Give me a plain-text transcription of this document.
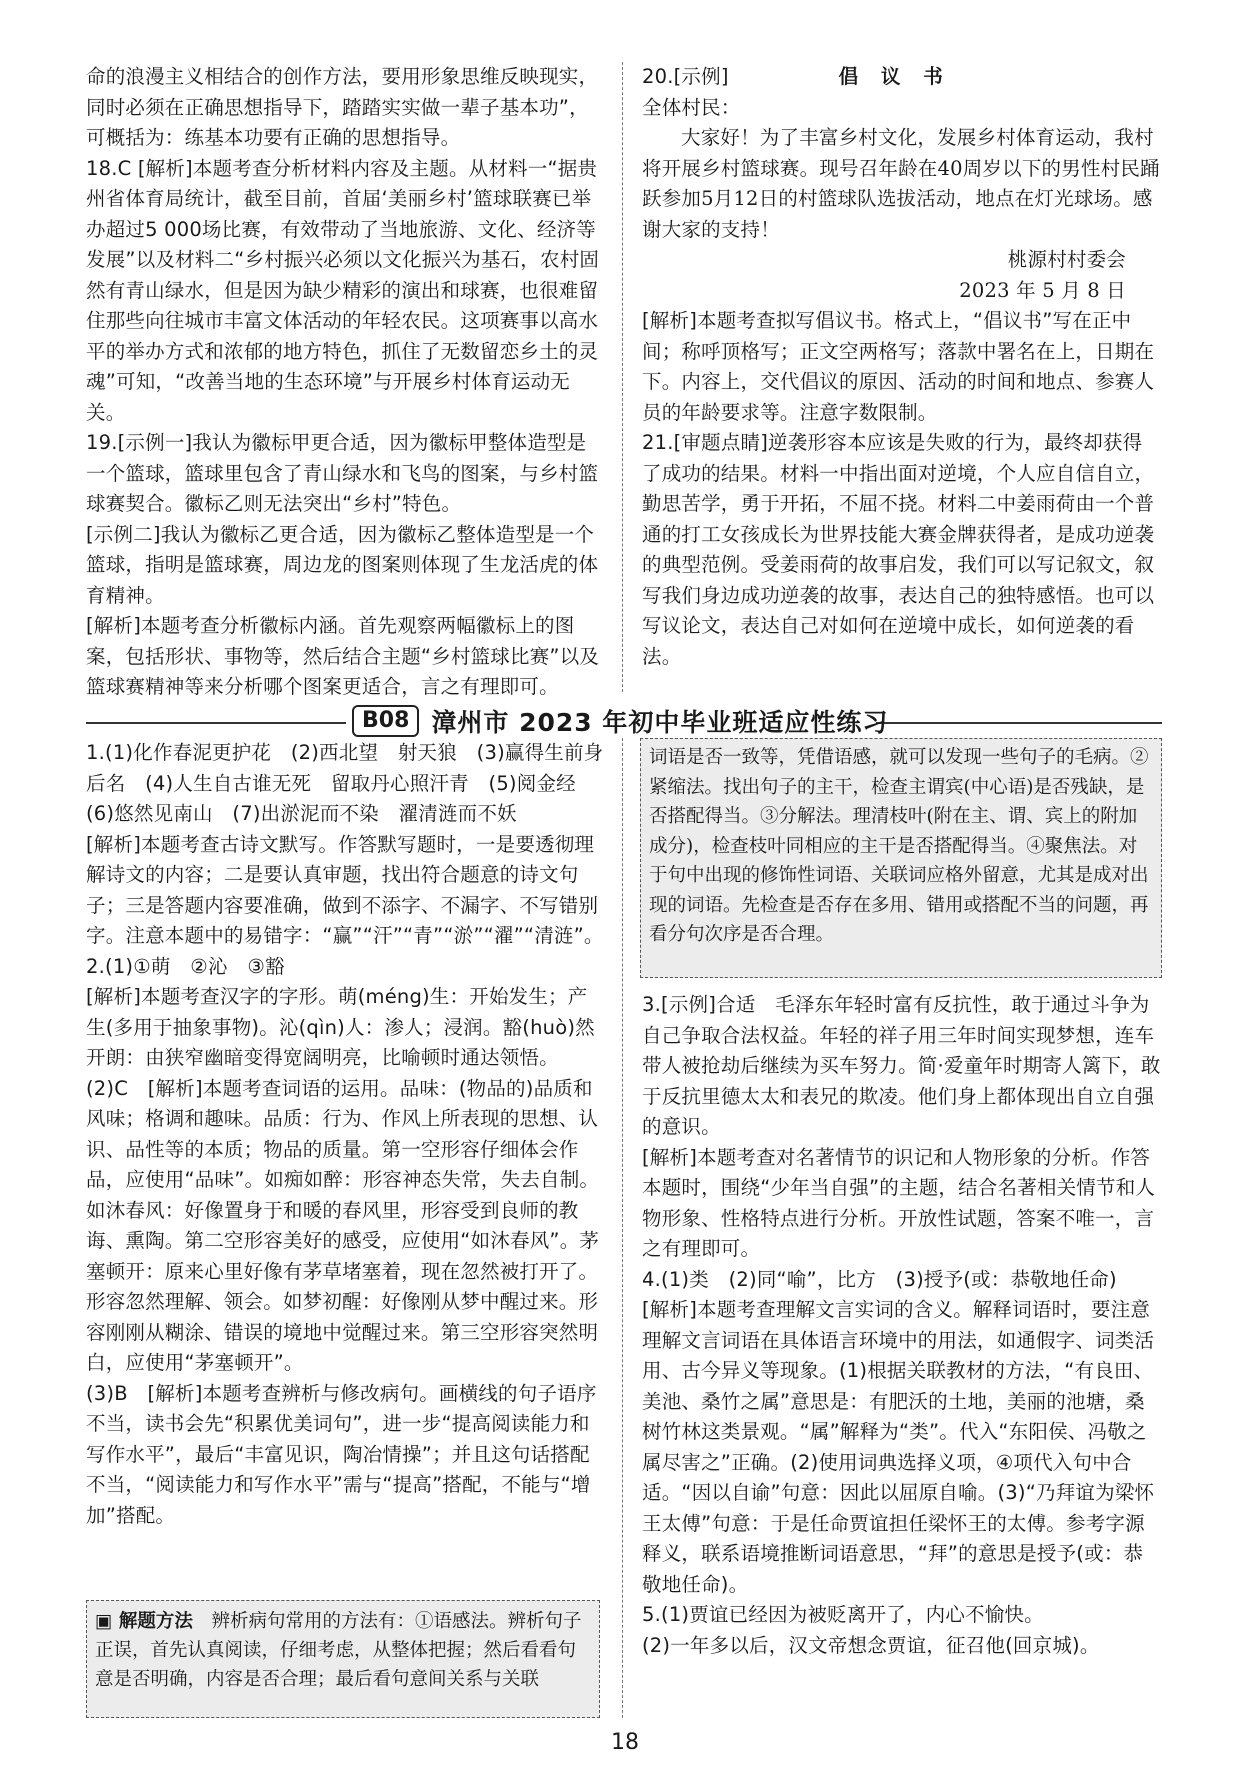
命的浪漫主义相结合的创作方法，要用形象思维反映现实，同时必须在正确思想指导下，踏踏实实做一辈子基本功”，可概括为：练基本功要有正确的思想指导。

18.C [解析]本题考查分析材料内容及主题。从材料一“据贵州省体育局统计，截至目前，首届‘美丽乡村’篮球联赛已举办超过5 000场比赛，有效带动了当地旅游、文化、经济等发展”以及材料二“乡村振兴必须以文化振兴为基石，农村固然有青山绿水，但是因为缺少精彩的演出和球赛，也很难留住那些向往城市丰富文体活动的年轻农民。这项赛事以高水平的举办方式和浓郁的地方特色，抓住了无数留恋乡土的灵魂”可知，“改善当地的生态环境”与开展乡村体育运动无关。

19.[示例一]我认为徽标甲更合适，因为徽标甲整体造型是一个篮球，篮球里包含了青山绿水和飞鸟的图案，与乡村篮球赛契合。徽标乙则无法突出“乡村”特色。

[示例二]我认为徽标乙更合适，因为徽标乙整体造型是一个篮球，指明是篮球赛，周边龙的图案则体现了生龙活虎的体育精神。

[解析]本题考查分析徽标内涵。首先观察两幅徽标上的图案，包括形状、事物等，然后结合主题“乡村篮球比赛”以及篮球赛精神等来分析哪个图案更适合，言之有理即可。

20.[示例]	倡 议 书

全体村民：

大家好！为了丰富乡村文化，发展乡村体育运动，我村将开展乡村篮球赛。现号召年龄在40周岁以下的男性村民踊跃参加5月12日的村篮球队选拔活动，地点在灯光球场。感谢大家的支持！

桃源村村委会

2023 年 5 月 8 日

[解析]本题考查拟写倡议书。格式上，“倡议书”写在正中间；称呼顶格写；正文空两格写；落款中署名在上，日期在下。内容上，交代倡议的原因、活动的时间和地点、参赛人员的年龄要求等。注意字数限制。

21.[审题点睛]逆袭形容本应该是失败的行为，最终却获得了成功的结果。材料一中指出面对逆境，个人应自信自立，勤思苦学，勇于开拓，不屈不挠。材料二中姜雨荷由一个普通的打工女孩成长为世界技能大赛金牌获得者，是成功逆袭的典型范例。受姜雨荷的故事启发，我们可以写记叙文，叙写我们身边成功逆袭的故事，表达自己的独特感悟。也可以写议论文，表达自己对如何在逆境中成长，如何逆袭的看法。

B08 漳州市 2023 年初中毕业班适应性练习

1.(1)化作春泥更护花　(2)西北望　射天狼　(3)赢得生前身后名　(4)人生自古谁无死　留取丹心照汗青　(5)阅金经　(6)悠然见南山　(7)出淤泥而不染　濯清涟而不妖

[解析]本题考查古诗文默写。作答默写题时，一是要透彻理解诗文的内容；二是要认真审题，找出符合题意的诗文句子；三是答题内容要准确，做到不添字、不漏字、不写错别字。注意本题中的易错字：“赢”“汗”“青”“淤”“濯”“清涟”。

2.(1)①萌　②沁　③豁

[解析]本题考查汉字的字形。萌(méng)生：开始发生；产生(多用于抽象事物)。沁(qìn)人：渗人；浸润。豁(huò)然开朗：由狭窄幽暗变得宽阔明亮，比喻顿时通达领悟。

(2)C　[解析]本题考查词语的运用。品味：(物品的)品质和风味；格调和趣味。品质：行为、作风上所表现的思想、认识、品性等的本质；物品的质量。第一空形容仔细体会作品，应使用“品味”。如痴如醉：形容神态失常，失去自制。如沐春风：好像置身于和暖的春风里，形容受到良师的教诲、熏陶。第二空形容美好的感受，应使用“如沐春风”。茅塞顿开：原来心里好像有茅草堵塞着，现在忽然被打开了。形容忽然理解、领会。如梦初醒：好像刚从梦中醒过来。形容刚刚从糊涂、错误的境地中觉醒过来。第三空形容突然明白，应使用“茅塞顿开”。

(3)B　[解析]本题考查辨析与修改病句。画横线的句子语序不当，读书会先“积累优美词句”，进一步“提高阅读能力和写作水平”，最后“丰富见识，陶冶情操”；并且这句话搭配不当，“阅读能力和写作水平”需与“提高”搭配，不能与“增加”搭配。

▣ 解题方法　 辨析病句常用的方法有：①语感法。辨析句子正误，首先认真阅读，仔细考虑，从整体把握；然后看看句意是否明确，内容是否合理；最后看句意间关系与关联
词语是否一致等，凭借语感，就可以发现一些句子的毛病。②紧缩法。找出句子的主干，检查主谓宾(中心语)是否残缺，是否搭配得当。③分解法。理清枝叶(附在主、谓、宾上的附加成分)，检查枝叶同相应的主干是否搭配得当。④聚焦法。对于句中出现的修饰性词语、关联词应格外留意，尤其是成对出现的词语。先检查是否存在多用、错用或搭配不当的问题，再看分句次序是否合理。

3.[示例]合适　毛泽东年轻时富有反抗性，敢于通过斗争为自己争取合法权益。年轻的祥子用三年时间实现梦想，连车带人被抢劫后继续为买车努力。简·爱童年时期寄人篱下，敢于反抗里德太太和表兄的欺凌。他们身上都体现出自立自强的意识。

[解析]本题考查对名著情节的识记和人物形象的分析。作答本题时，围绕“少年当自强”的主题，结合名著相关情节和人物形象、性格特点进行分析。开放性试题，答案不唯一，言之有理即可。

4.(1)类　(2)同“喻”，比方　(3)授予(或：恭敬地任命)

[解析]本题考查理解文言实词的含义。解释词语时，要注意理解文言词语在具体语言环境中的用法，如通假字、词类活用、古今异义等现象。(1)根据关联教材的方法，“有良田、美池、桑竹之属”意思是：有肥沃的土地，美丽的池塘，桑树竹林这类景观。“属”解释为“类”。代入“东阳侯、冯敬之属尽害之”正确。(2)使用词典选择义项，④项代入句中合适。“因以自谕”句意：因此以屈原自喻。(3)“乃拜谊为梁怀王太傅”句意：于是任命贾谊担任梁怀王的太傅。参考字源释义，联系语境推断词语意思，“拜”的意思是授予(或：恭敬地任命)。

5.(1)贾谊已经因为被贬离开了，内心不愉快。

(2)一年多以后，汉文帝想念贾谊，征召他(回京城)。

18
